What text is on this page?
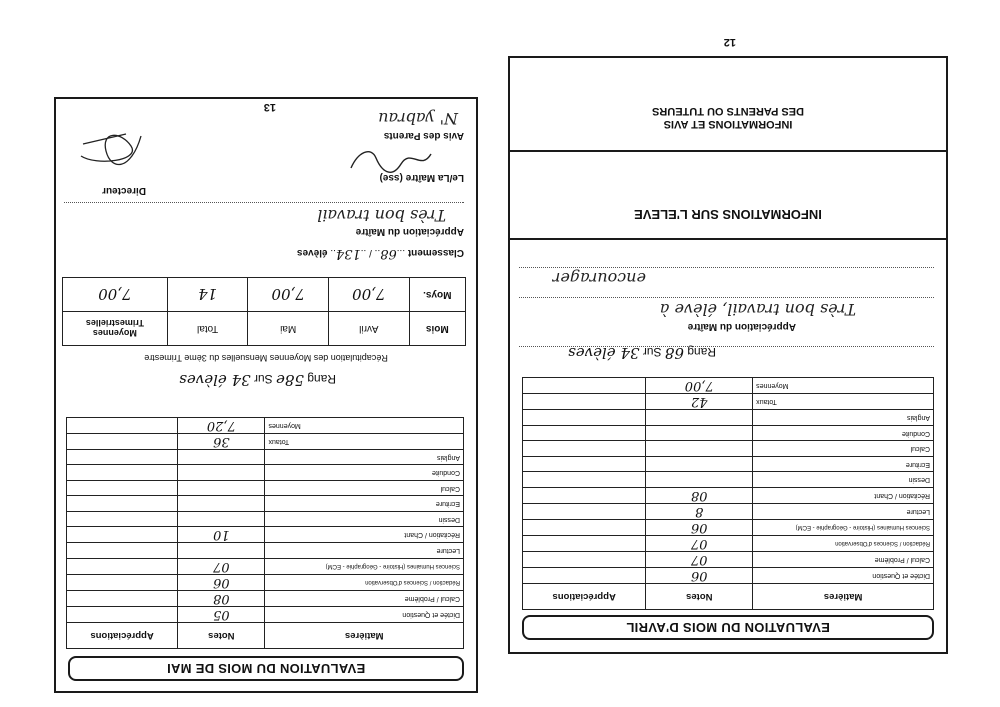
EVALUATION DU MOIS DE MAI
Matières	Notes	Appréciations
Dictée et Question	05	
Calcul / Problème	08	
Rédaction / Sciences d'Observation	06	
Sciences Humaines (Histoire - Géographie - ECM)	07	
Lecture		
Récitation / Chant	10	
Dessin		
Ecriture		
Calcul		
Conduite		
Anglais		
Totaux	36	
Moyennes	7,20	
Rang 58e Sur 34 élèves
Récapitulation des Moyennes Mensuelles du 3ème Trimestre
Mois	Avril	Mai	Total	Moyennes Trimestrielles
Moys.	7,00	7,00	14	7,00
Classement ...68.. / ..134.. élèves
Appréciation du Maître
Très bon travail
Le/La Maître (sse)
Avis des Parents
N' yabrau
Directeur
13
EVALUATION DU MOIS D'AVRIL
Matières	Notes	Appréciations
Dictée et Question	06	
Calcul / Problème	07	
Rédaction / Sciences d'Observation	07	
Sciences Humaines (Histoire - Géographie - ECM)	06	
Lecture	8	
Récitation / Chant	08	
Dessin		
Ecriture		
Calcul		
Conduite		
Anglais		
Totaux	42	
Moyennes	7,00	
Rang 68 Sur 34 élèves
Appréciation du Maître
Très bon travail, élève à
encourager
INFORMATIONS SUR L'ELEVE
INFORMATIONS ET AVIS
DES PARENTS OU TUTEURS
12
